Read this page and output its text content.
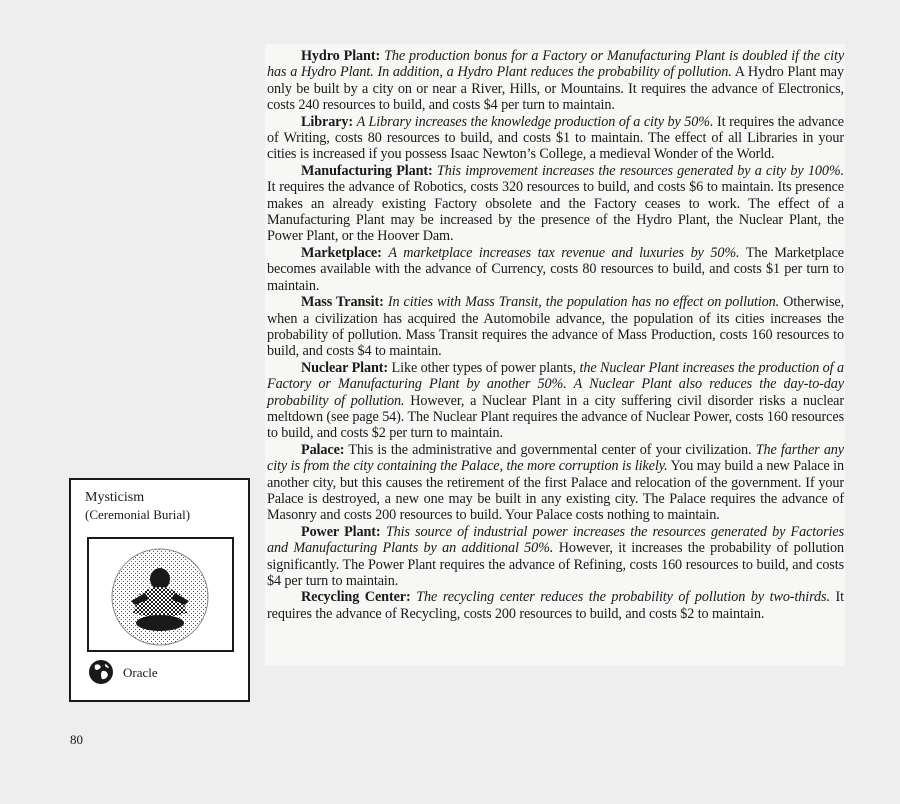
Hydro Plant: The production bonus for a Factory or Manufacturing Plant is doubled if the city has a Hydro Plant. In addition, a Hydro Plant reduces the probability of pollution. A Hydro Plant may only be built by a city on or near a River, Hills, or Mountains. It requires the advance of Electronics, costs 240 resources to build, and costs $4 per turn to maintain.

Library: A Library increases the knowledge production of a city by 50%. It requires the advance of Writing, costs 80 resources to build, and costs $1 to maintain. The effect of all Libraries in your cities is increased if you possess Isaac Newton’s College, a medieval Wonder of the World.

Manufacturing Plant: This improvement increases the resources generated by a city by 100%. It requires the advance of Robotics, costs 320 resources to build, and costs $6 to maintain. Its presence makes an already existing Factory obsolete and the Factory ceases to work. The effect of a Manufacturing Plant may be increased by the presence of the Hydro Plant, the Nuclear Plant, the Power Plant, or the Hoover Dam.

Marketplace: A marketplace increases tax revenue and luxuries by 50%. The Marketplace becomes available with the advance of Currency, costs 80 resources to build, and costs $1 per turn to maintain.

Mass Transit: In cities with Mass Transit, the population has no effect on pollution. Otherwise, when a civilization has acquired the Automobile advance, the population of its cities increases the probability of pollution. Mass Transit requires the advance of Mass Production, costs 160 resources to build, and costs $4 to maintain.

Nuclear Plant: Like other types of power plants, the Nuclear Plant increases the production of a Factory or Manufacturing Plant by another 50%. A Nuclear Plant also reduces the day-to-day probability of pollution. However, a Nuclear Plant in a city suffering civil disorder risks a nuclear meltdown (see page 54). The Nuclear Plant requires the advance of Nuclear Power, costs 160 resources to build, and costs $2 per turn to maintain.

Palace: This is the administrative and governmental center of your civilization. The farther any city is from the city containing the Palace, the more corruption is likely. You may build a new Palace in another city, but this causes the retirement of the first Palace and relocation of the government. If your Palace is destroyed, a new one may be built in any existing city. The Palace requires the advance of Masonry and costs 200 resources to build. Your Palace costs nothing to maintain.

Power Plant: This source of industrial power increases the resources generated by Factories and Manufacturing Plants by an additional 50%. However, it increases the probability of pollution significantly. The Power Plant requires the advance of Refining, costs 160 resources to build, and costs $4 per turn to maintain.

Recycling Center: The recycling center reduces the probability of pollution by two-thirds. It requires the advance of Recycling, costs 200 resources to build, and costs $2 to maintain.

Mysticism
(Ceremonial Burial)
Oracle
80
